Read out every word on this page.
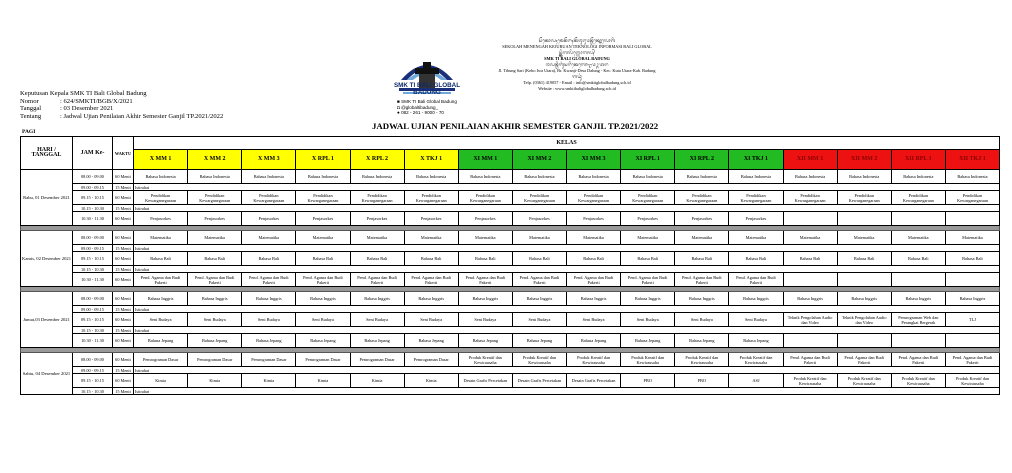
Keputusan Kepala SMK TI Bali Global Badung
Nomor	: 624/SMKTI/BGB/X/2021
Tanggal	: 03 Desember 2021
Tentang	: Jadwal Ujian Penilaian Akhir Semester Ganjil TP.2021/2022
SMK TI BALI GLOBAL BADUNG
■ SMK TI Bali Global Badung
◘ @globaltibadung_
● 082 - 261 - 9000 - 70
ᬲᭂᬓᭀᬮᬄᬫᬾᬦᭂᬗᬄᬓᭂᬚᬸᬭᬸᬯᬦ᭄ᬢᭂᬓ᭄ᬦᭀᬮᭀᬕᬶ
SEKOLAH MENENGAH KEJURUAN TEKNOLOGI INFORMASI BALI GLOBAL
ᬲ᭄ᬫ᭄ᬓ᭄ᬢᬶᬩᬮᬶᬕ᭄ᬮᭀᬩᬮ᭄
SMK TI BALI GLOBAL BADUNG
ᬚᬮᬦ᭄ᬢᬶᬩᬸᬂᬲᬭᬶᬓᬾᬩᭀᬇᬯᬉᬢᬭ
Jl. Tibung Sari (Kebo Iwa Utara), Br. Kwanji-Desa Dalung - Kec. Kuta Utara-Kab. Badung
ᬩᬤᬸᬂ
Telp. (0361) 419057 - Email : info@smktiglobalbadung.sch.id
Website : www.smktibaliglobalbadung.sch.id
JADWAL UJIAN PENILAIAN AKHIR SEMESTER GANJIL TP.2021/2022
PAGI
HARI / TANGGAL	JAM Ke-	WAKTU	KELAS															
			X MM 1	X MM 2	X MM 3	X RPL 1	X RPL 2	X TKJ 1	XI MM 1	XI MM 2	XI MM 3	XI RPL 1	XI RPL 2	XI TKJ 1	XII MM 1	XII MM 2	XII RPL 1	XII TKJ 1
Rabu, 01 Desember 2021	08.00 - 09.00	60 Menit	Bahasa Indonesia	Bahasa Indonesia	Bahasa Indonesia	Bahasa Indonesia	Bahasa Indonesia	Bahasa Indonesia	Bahasa Indonesia	Bahasa Indonesia	Bahasa Indonesia	Bahasa Indonesia	Bahasa Indonesia	Bahasa Indonesia	Bahasa Indonesia	Bahasa Indonesia	Bahasa Indonesia	Bahasa Indonesia
	09.00 - 09.15	15 Menit	Istirahat															
	09.15 - 10.15	60 Menit	Pendidikan Kewarganegaraan	Pendidikan Kewarganegaraan	Pendidikan Kewarganegaraan	Pendidikan Kewarganegaraan	Pendidikan Kewarganegaraan	Pendidikan Kewarganegaraan	Pendidikan Kewarganegaraan	Pendidikan Kewarganegaraan	Pendidikan Kewarganegaraan	Pendidikan Kewarganegaraan	Pendidikan Kewarganegaraan	Pendidikan Kewarganegaraan	Pendidikan Kewarganegaraan	Pendidikan Kewarganegaraan	Pendidikan Kewarganegaraan	Pendidikan Kewarganegaraan
	10.15 - 10.30	15 Menit	Istirahat															
	10.30 - 11.30	60 Menit	Penjasorkes	Penjasorkes	Penjasorkes	Penjasorkes	Penjasorkes	Penjasorkes	Penjasorkes	Penjasorkes	Penjasorkes	Penjasorkes	Penjasorkes	Penjasorkes				

Kamis, 02 Desember 2021	08.00 - 09.00	60 Menit	Matematika	Matematika	Matematika	Matematika	Matematika	Matematika	Matematika	Matematika	Matematika	Matematika	Matematika	Matematika	Matematika	Matematika	Matematika	Matematika
	09.00 - 09.15	15 Menit	Istirahat															
	09.15 - 10.15	60 Menit	Bahasa Bali	Bahasa Bali	Bahasa Bali	Bahasa Bali	Bahasa Bali	Bahasa Bali	Bahasa Bali	Bahasa Bali	Bahasa Bali	Bahasa Bali	Bahasa Bali	Bahasa Bali	Bahasa Bali	Bahasa Bali	Bahasa Bali	Bahasa Bali
	10.15 - 10.30	15 Menit	Istirahat															
	10.30 - 11.30	60 Menit	Pend. Agama dan Budi Pakerti	Pend. Agama dan Budi Pakerti	Pend. Agama dan Budi Pakerti	Pend. Agama dan Budi Pakerti	Pend. Agama dan Budi Pakerti	Pend. Agama dan Budi Pakerti	Pend. Agama dan Budi Pakerti	Pend. Agama dan Budi Pakerti	Pend. Agama dan Budi Pakerti	Pend. Agama dan Budi Pakerti	Pend. Agama dan Budi Pakerti	Pend. Agama dan Budi Pakerti				

Jumat,03 Desember 2021	08.00 - 09.00	60 Menit	Bahasa Inggris	Bahasa Inggris	Bahasa Inggris	Bahasa Inggris	Bahasa Inggris	Bahasa Inggris	Bahasa Inggris	Bahasa Inggris	Bahasa Inggris	Bahasa Inggris	Bahasa Inggris	Bahasa Inggris	Bahasa Inggris	Bahasa Inggris	Bahasa Inggris	Bahasa Inggris
	09.00 - 09.15	15 Menit	Istirahat															
	09.15 - 10.15	60 Menit	Seni Budaya	Seni Budaya	Seni Budaya	Seni Budaya	Seni Budaya	Seni Budaya	Seni Budaya	Seni Budaya	Seni Budaya	Seni Budaya	Seni Budaya	Seni Budaya	Teknik Pengolahan Audio dan Video	Teknik Pengolahan Audio dan Video	Pemrograman Web dan Perangkat Bergerak	TLJ
	10.15 - 10.30	15 Menit	Istirahat															
	10.30 - 11.30	60 Menit	Bahasa Jepang	Bahasa Jepang	Bahasa Jepang	Bahasa Jepang	Bahasa Jepang	Bahasa Jepang	Bahasa Jepang	Bahasa Jepang	Bahasa Jepang	Bahasa Jepang	Bahasa Jepang	Bahasa Jepang				

Sabtu, 04 Desember 2021	08.00 - 09.00	60 Menit	Pemrograman Dasar	Pemrograman Dasar	Pemrograman Dasar	Pemrograman Dasar	Pemrograman Dasar	Pemrograman Dasar	Produk Kreatif dan Kewirausaha	Produk Kreatif dan Kewirausaha	Produk Kreatif dan Kewirausaha	Produk Kreatif dan Kewirausaha	Produk Kreatif dan Kewirausaha	Produk Kreatif dan Kewirausaha	Pend. Agama dan Budi Pakerti	Pend. Agama dan Budi Pakerti	Pend. Agama dan Budi Pakerti	Pend. Agama dan Budi Pakerti
	09.00 - 09.15	15 Menit	Istirahat															
	09.15 - 10.15	60 Menit	Kimia	Kimia	Kimia	Kimia	Kimia	Kimia	Desain Grafis Percetakan	Desain Grafis Percetakan	Desain Grafis Percetakan	PBO	PBO	ASJ	Produk Kreatif dan Kewirausaha	Produk Kreatif dan Kewirausaha	Produk Kreatif dan Kewirausaha	Produk Kreatif dan Kewirausaha
	10.15 - 10.30	15 Menit	Istirahat															
